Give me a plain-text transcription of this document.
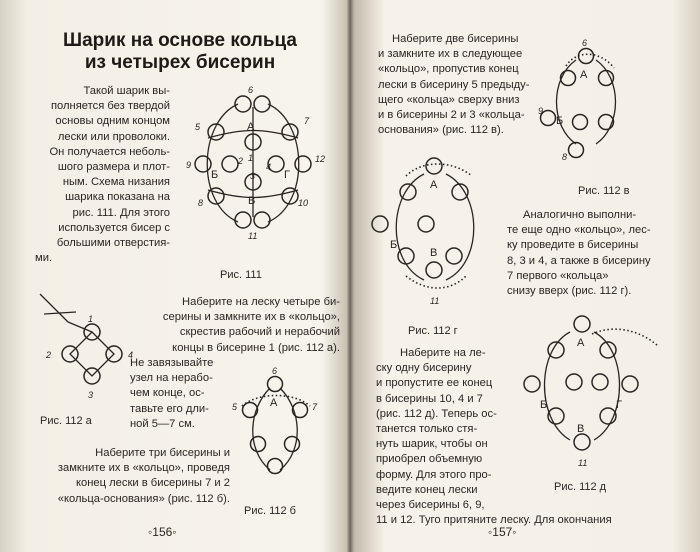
Шарик на основе кольца из четырех бисерин
Такой шарик вы-
полняется без твердой
основы одним концом
лески или проволоки.
Он получается неболь-
шого размера и плот-
ным. Схема низания
шарика показана на
рис. 111. Для этого
используется бисер с
большими отверстия-
ми.
6
5
7
9
12
2
4
1
3
8	10
11
А
Б
В
Г
Рис. 111
1
2	4
3
Рис. 112 а
Наберите на леску четыре би-
серины и замкните их в «кольцо»,
скрестив рабочий и нерабочий
концы в бисерине 1 (рис. 112 а).
Не завязывайте
узел на нерабо-
чем конце, ос-
тавьте его дли-
ной 5—7 см.
6
5	7
А
Рис. 112 б
Наберите три бисерины и
замкните их в «кольцо», проведя
конец лески в бисерины 7 и 2
«кольца-основания» (рис. 112 б).
◦156◦
Наберите две бисерины
и замкните их в следующее
«кольцо», пропустив конец
лески в бисерину 5 предыду-
щего «кольца» сверху вниз
и в бисерины 2 и 3 «кольца-
основания» (рис. 112 в).
6
9
8
А
Б
Рис. 112 в
11
А
Б
В
Рис. 112 г
Аналогично выполни-
те еще одно «кольцо», лес-
ку проведите в бисерины
8, 3 и 4, а также в бисерину
7 первого «кольца»
снизу вверх (рис. 112 г).
Наберите на ле-
ску одну бисерину
и пропустите ее конец
в бисерины 10, 4 и 7
(рис. 112 д). Теперь ос-
танется только стя-
нуть шарик, чтобы он
приобрел объемную
форму. Для этого про-
ведите конец лески
через бисерины 6, 9,
11 и 12. Туго притяните леску. Для окончания
11
А
Б
В
Г
Рис. 112 д
◦157◦
